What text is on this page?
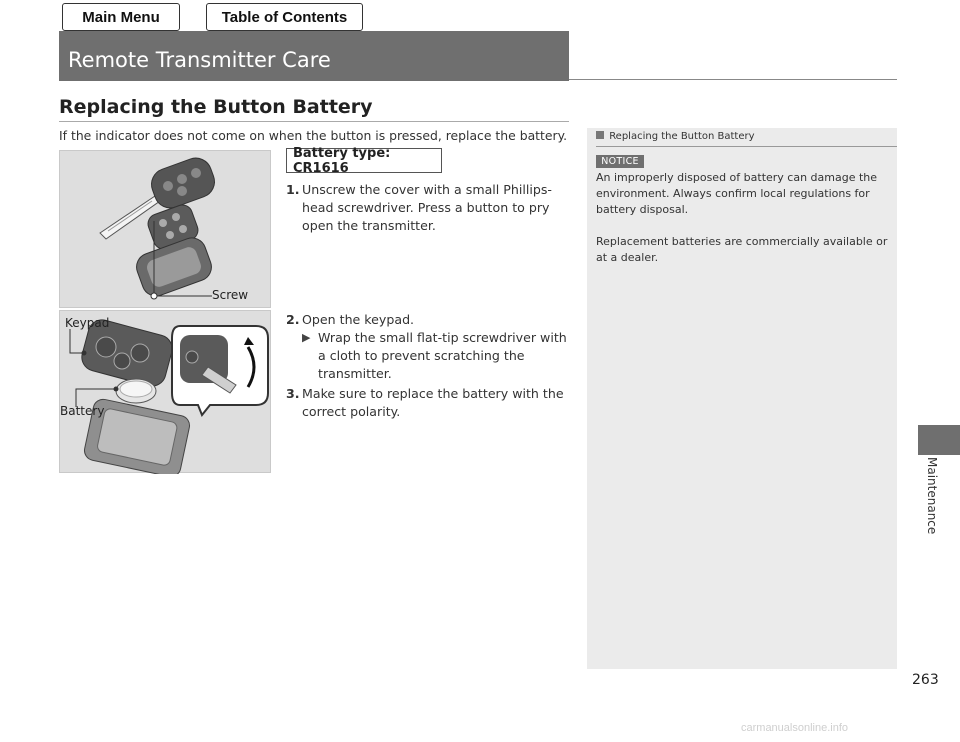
Main Menu	Table of Contents
Remote Transmitter Care
Replacing the Button Battery
If the indicator does not come on when the button is pressed, replace the battery.
Screw
Keypad
Battery
Battery type: CR1616
1. Unscrew the cover with a small Phillips-head screwdriver. Press a button to pry open the transmitter.
2. Open the keypad.
▶ Wrap the small flat-tip screwdriver with a cloth to prevent scratching the transmitter.
3. Make sure to replace the battery with the correct polarity.
Replacing the Button Battery
NOTICE
An improperly disposed of battery can damage the environment. Always confirm local regulations for battery disposal.
Replacement batteries are commercially available or at a dealer.
Maintenance
263
carmanualsonline.info
